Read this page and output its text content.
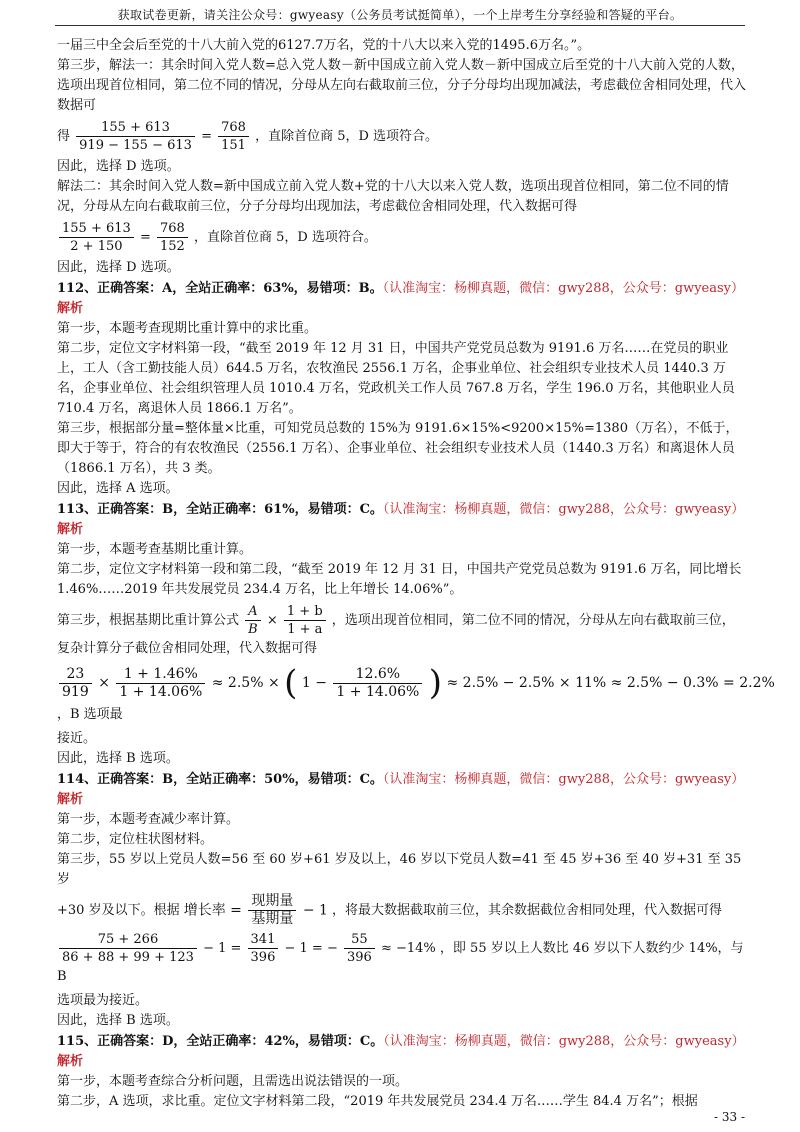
获取试卷更新，请关注公众号：gwyeasy（公务员考试挺简单），一个上岸考生分享经验和答疑的平台。

一届三中全会后至党的十八大前入党的6127.7万名，党的十八大以来入党的1495.6万名。”。

第三步，解法一：其余时间入党人数=总入党人数－新中国成立前入党人数－新中国成立后至党的十八大前入党的人数，选项出现首位相同，第二位不同的情况，分母从左向右截取前三位，分子分母均出现加减法，考虑截位舍相同处理，代入数据可

得 $\frac{155 + 613}{919 - 155 - 613} = \frac{768}{151}$ ，直除首位商 5，D 选项符合。

因此，选择 D 选项。

解法二：其余时间入党人数=新中国成立前入党人数+党的十八大以来入党人数，选项出现首位相同，第二位不同的情况，分母从左向右截取前三位，分子分母均出现加法，考虑截位舍相同处理，代入数据可得

$\frac{155 + 613}{2 + 150} = \frac{768}{152}$ ，直除首位商 5，D 选项符合。

因此，选择 D 选项。

112、正确答案：A，全站正确率：63%，易错项：B。（认准淘宝：杨柳真题，微信：gwy288，公众号：gwyeasy）

解析

第一步，本题考查现期比重计算中的求比重。

第二步，定位文字材料第一段，“截至 2019 年 12 月 31 日，中国共产党党员总数为 9191.6 万名……在党员的职业上，工人（含工勤技能人员）644.5 万名，农牧渔民 2556.1 万名，企事业单位、社会组织专业技术人员 1440.3 万名，企事业单位、社会组织管理人员 1010.4 万名，党政机关工作人员 767.8 万名，学生 196.0 万名，其他职业人员 710.4 万名，离退休人员 1866.1 万名”。

第三步，根据部分量=整体量×比重，可知党员总数的 15%为 9191.6×15%<9200×15%=1380（万名），不低于，即大于等于，符合的有农牧渔民（2556.1 万名）、企事业单位、社会组织专业技术人员（1440.3 万名）和离退休人员（1866.1 万名），共 3 类。

因此，选择 A 选项。

113、正确答案：B，全站正确率：61%，易错项：C。（认准淘宝：杨柳真题，微信：gwy288，公众号：gwyeasy）

解析

第一步，本题考查基期比重计算。

第二步，定位文字材料第一段和第二段，“截至 2019 年 12 月 31 日，中国共产党党员总数为 9191.6 万名，同比增长 1.46%……2019 年共发展党员 234.4 万名，比上年增长 14.06%”。

第三步，根据基期比重计算公式 $\frac{A}{B} \times \frac{1 + b}{1 + a}$ ，选项出现首位相同，第二位不同的情况，分母从左向右截取前三位，复杂计算分子截位舍相同处理，代入数据可得
$\frac{23}{919} \times \frac{1 + 1.46\%}{1 + 14.06\%} \approx 2.5\%$ × ( $1 - \frac{12.6\%}{1 + 14.06\%}$ ) ≈ 2.5% − 2.5% × 11% ≈ 2.5% − 0.3% = 2.2% ，B 选项最

接近。

因此，选择 B 选项。

114、正确答案：B，全站正确率：50%，易错项：C。（认准淘宝：杨柳真题，微信：gwy288，公众号：gwyeasy）

解析

第一步，本题考查减少率计算。

第二步，定位柱状图材料。

第三步，55 岁以上党员人数=56 至 60 岁+61 岁及以上，46 岁以下党员人数=41 至 45 岁+36 至 40 岁+31 至 35 岁

+30 岁及以下。根据 增长率 = $\frac{\text{现期量}}{\text{基期量}} - 1$ ，将最大数据截取前三位，其余数据截位舍相同处理，代入数据可得
$\frac{75 + 266}{86 + 88 + 99 + 123} - 1 = \frac{341}{396} - 1$ = − $\frac{55}{396} \approx -14\%$ ，即 55 岁以上人数比 46 岁以下人数约少 14%，与 B

选项最为接近。

因此，选择 B 选项。

115、正确答案：D，全站正确率：42%，易错项：C。（认准淘宝：杨柳真题，微信：gwy288，公众号：gwyeasy）

解析

第一步，本题考查综合分析问题，且需选出说法错误的一项。

第二步，A 选项，求比重。定位文字材料第二段，“2019 年共发展党员 234.4 万名……学生 84.4 万名”；根据

- 33 -
